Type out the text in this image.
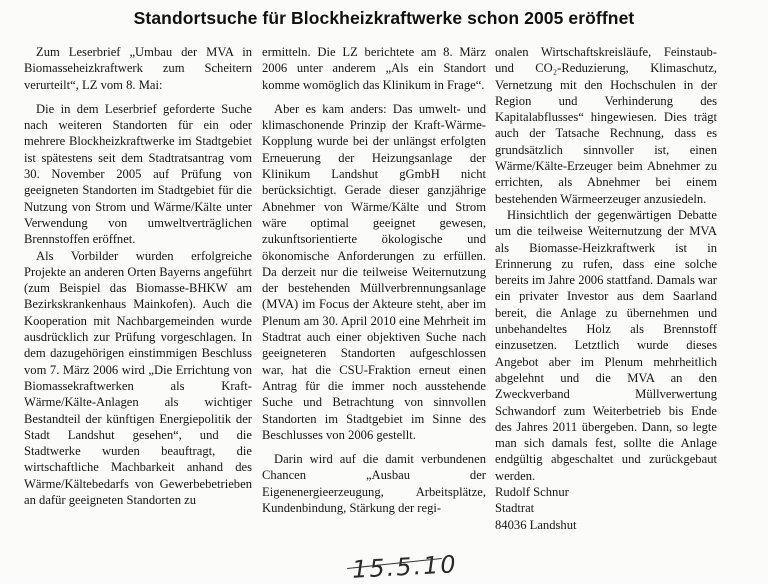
Standortsuche für Blockheizkraftwerke schon 2005 eröffnet

Zum Leserbrief „Umbau der MVA in Biomasseheizkraftwerk zum Scheitern verurteilt“, LZ vom 8. Mai:

Die in dem Leserbrief geforderte Suche nach weiteren Standorten für ein oder mehrere Blockheizkraftwerke im Stadtgebiet ist spätestens seit dem Stadtratsantrag vom 30. November 2005 auf Prüfung von geeigneten Standorten im Stadtgebiet für die Nutzung von Strom und Wärme/Kälte unter Verwendung von umweltverträglichen Brennstoffen eröffnet.

Als Vorbilder wurden erfolgreiche Projekte an anderen Orten Bayerns angeführt (zum Beispiel das Biomasse-BHKW am Bezirkskrankenhaus Mainkofen). Auch die Kooperation mit Nachbargemeinden wurde ausdrücklich zur Prüfung vorgeschlagen. In dem dazugehörigen einstimmigen Beschluss vom 7. März 2006 wird „Die Errichtung von Biomassekraftwerken als Kraft-Wärme/Kälte-Anlagen als wichtiger Bestandteil der künftigen Energiepolitik der Stadt Landshut gesehen“, und die Stadtwerke wurden beauftragt, die wirtschaftliche Machbarkeit anhand des Wärme/Kältebedarfs von Gewerbebetrieben an dafür geeigneten Standorten zu

ermitteln. Die LZ berichtete am 8. März 2006 unter anderem „Als ein Standort komme womöglich das Klinikum in Frage“.

Aber es kam anders: Das umwelt- und klimaschonende Prinzip der Kraft-Wärme-Kopplung wurde bei der unlängst erfolgten Erneuerung der Heizungsanlage der Klinikum Landshut gGmbH nicht berücksichtigt. Gerade dieser ganzjährige Abnehmer von Wärme/Kälte und Strom wäre optimal geeignet gewesen, zukunftsorientierte ökologische und ökonomische Anforderungen zu erfüllen. Da derzeit nur die teilweise Weiternutzung der bestehenden Müllverbrennungsanlage (MVA) im Focus der Akteure steht, aber im Plenum am 30. April 2010 eine Mehrheit im Stadtrat auch einer objektiven Suche nach geeigneteren Standorten aufgeschlossen war, hat die CSU-Fraktion erneut einen Antrag für die immer noch ausstehende Suche und Betrachtung von sinnvollen Standorten im Stadtgebiet im Sinne des Beschlusses von 2006 gestellt.

Darin wird auf die damit verbundenen Chancen „Ausbau der Eigenenergieerzeugung, Arbeitsplätze, Kundenbindung, Stärkung der regi-

onalen Wirtschaftskreisläufe, Feinstaub- und CO₂-Reduzierung, Klimaschutz, Vernetzung mit den Hochschulen in der Region und Verhinderung des Kapitalabflusses“ hingewiesen. Dies trägt auch der Tatsache Rechnung, dass es grundsätzlich sinnvoller ist, einen Wärme/Kälte-Erzeuger beim Abnehmer zu errichten, als Abnehmer bei einem bestehenden Wärmeerzeuger anzusiedeln.

Hinsichtlich der gegenwärtigen Debatte um die teilweise Weiternutzung der MVA als Biomasse-Heizkraftwerk ist in Erinnerung zu rufen, dass eine solche bereits im Jahre 2006 stattfand. Damals war ein privater Investor aus dem Saarland bereit, die Anlage zu übernehmen und unbehandeltes Holz als Brennstoff einzusetzen. Letztlich wurde dieses Angebot aber im Plenum mehrheitlich abgelehnt und die MVA an den Zweckverband Müllverwertung Schwandorf zum Weiterbetrieb bis Ende des Jahres 2011 übergeben. Dann, so legte man sich damals fest, sollte die Anlage endgültig abgeschaltet und zurückgebaut werden.

Rudolf Schnur
Stadtrat
84036 Landshut

15.5.10
